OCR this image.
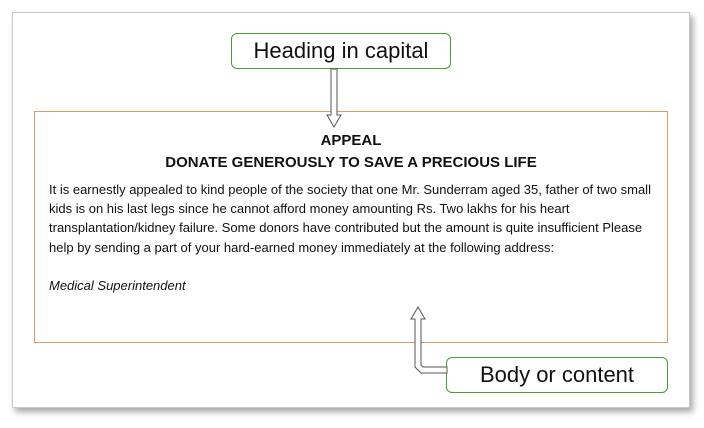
Heading in capital
APPEAL
DONATE GENEROUSLY TO SAVE A PRECIOUS LIFE

It is earnestly appealed to kind people of the society that one Mr. Sunderram aged 35, father of two small kids is on his last legs since he cannot afford money amounting Rs. Two lakhs for his heart transplantation/kidney failure. Some donors have contributed but the amount is quite insufficient Please help by sending a part of your hard-earned money immediately at the following address:

Medical Superintendent
Body or content
